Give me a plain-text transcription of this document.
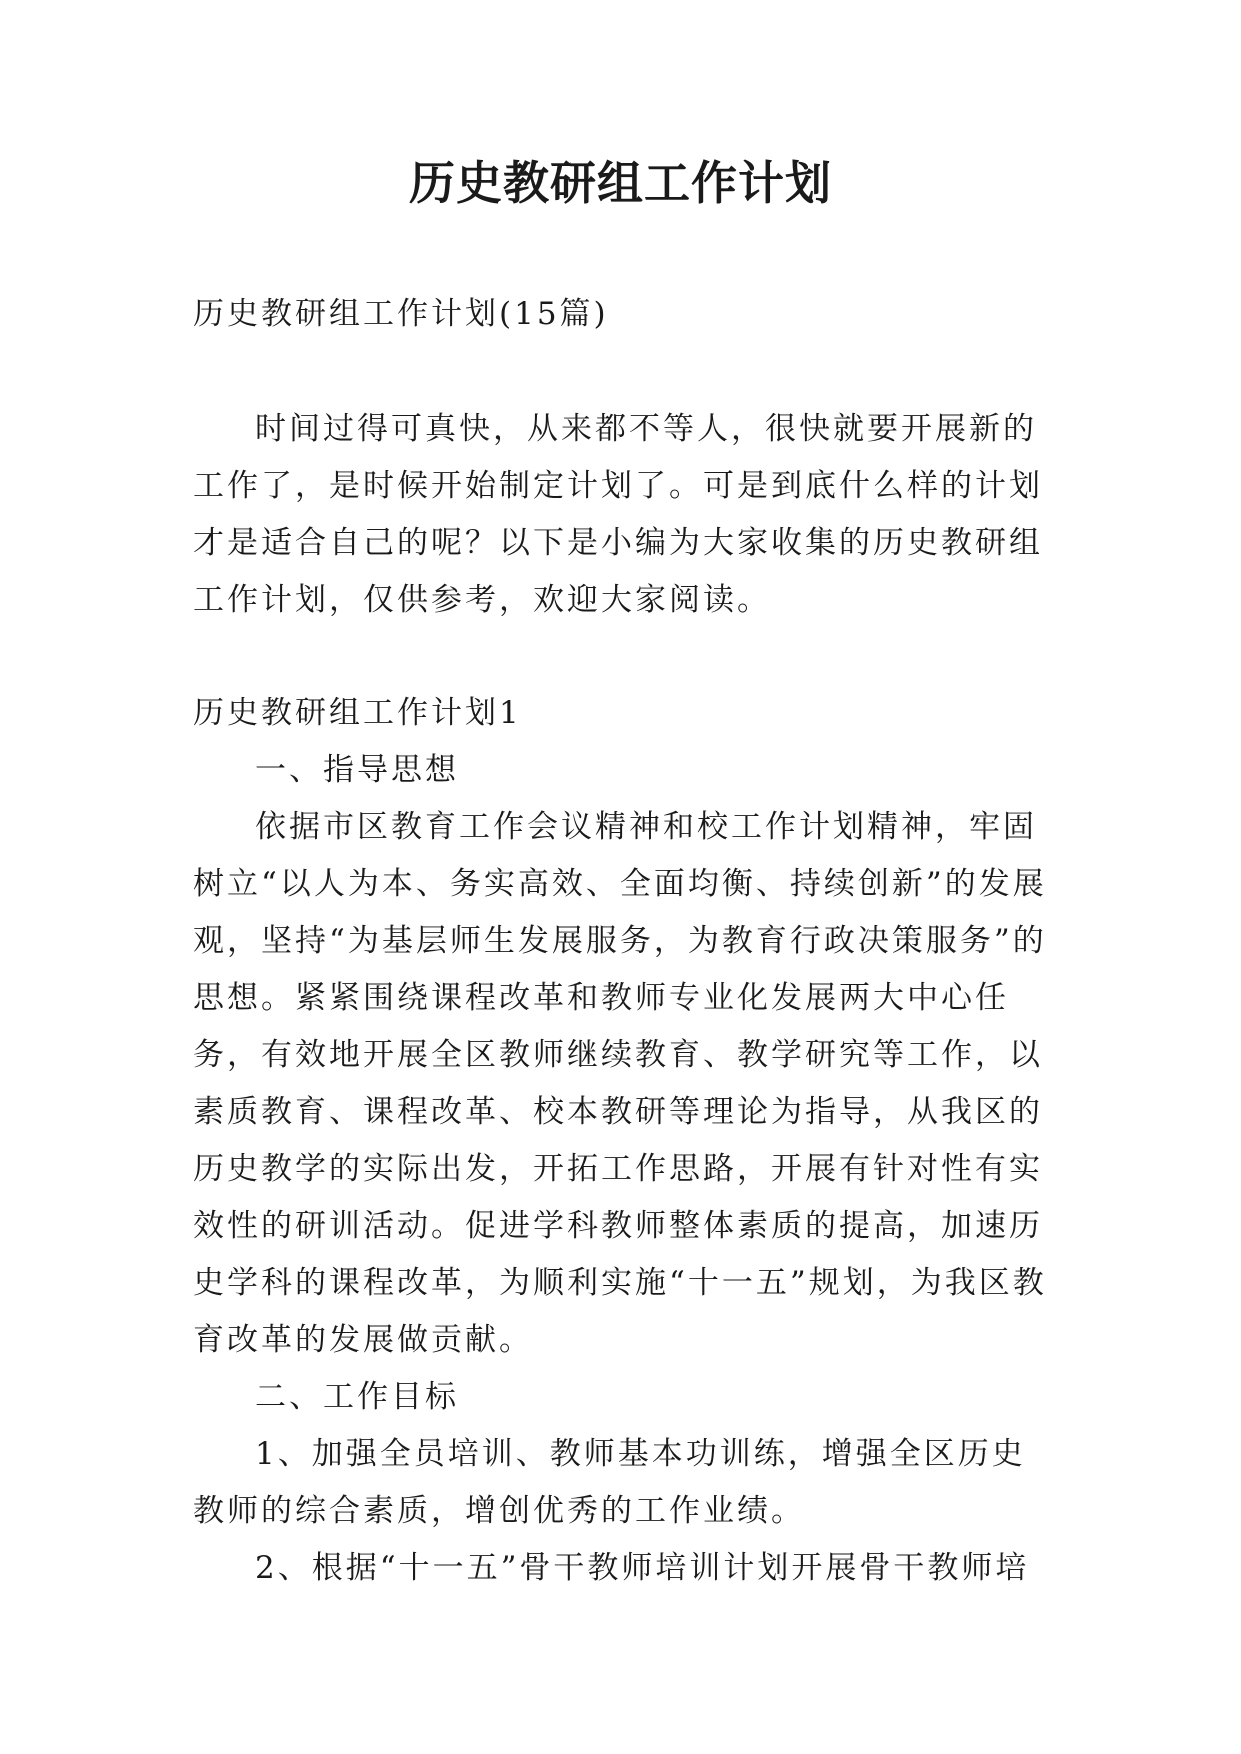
历史教研组工作计划

历史教研组工作计划(15篇)

时间过得可真快，从来都不等人，很快就要开展新的工作了，是时候开始制定计划了。可是到底什么样的计划才是适合自己的呢？以下是小编为大家收集的历史教研组工作计划，仅供参考，欢迎大家阅读。

历史教研组工作计划1

一、指导思想

依据市区教育工作会议精神和校工作计划精神，牢固树立“以人为本、务实高效、全面均衡、持续创新”的发展观，坚持“为基层师生发展服务，为教育行政决策服务”的思想。紧紧围绕课程改革和教师专业化发展两大中心任务，有效地开展全区教师继续教育、教学研究等工作，以素质教育、课程改革、校本教研等理论为指导，从我区的历史教学的实际出发，开拓工作思路，开展有针对性有实效性的研训活动。促进学科教师整体素质的提高，加速历史学科的课程改革，为顺利实施“十一五”规划，为我区教育改革的发展做贡献。

二、工作目标

1、加强全员培训、教师基本功训练，增强全区历史教师的综合素质，增创优秀的工作业绩。

2、根据“十一五”骨干教师培训计划开展骨干教师培
